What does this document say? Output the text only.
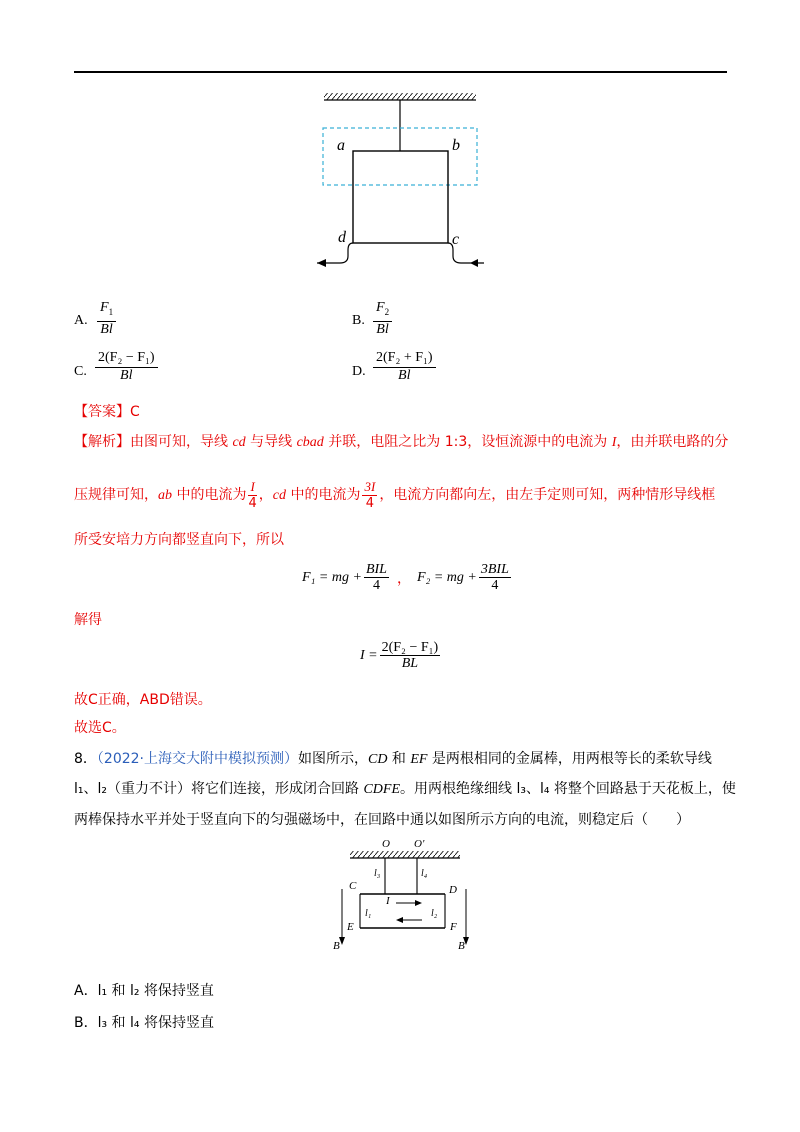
a	b
d	c
A. $\frac{F_1}{Bl}$	B. $\frac{F_2}{Bl}$
C. $\frac{\text{2(F₂ − F₁)}}{Bl}$	D. $\frac{\text{2(F₂ + F₁)}}{Bl}$
【答案】C
【解析】由图可知，导线 cd 与导线 cbad 并联，电阻之比为 1:3，设恒流源中的电流为 I，由并联电路的分
压规律可知，ab 中的电流为 $\frac{I}{4}$ ，cd 中的电流为 $\frac{3I}{4}$ ，电流方向都向左，由左手定则可知，两种情形导线框
所受安培力方向都竖直向下，所以
F₁ = mg + $\frac{\text{BIL}}{4}$ ， F₂ = mg + $\frac{\text{3BIL}}{4}$
解得
$I = \frac{\text{2(F₂ − F₁)}}{BL}$
故C正确，ABD错误。
故选C。
8．（2022·上海交大附中模拟预测）如图所示，CD 和 EF 是两根相同的金属棒，用两根等长的柔软导线
l₁、l₂（重力不计）将它们连接，形成闭合回路 CDFE。用两根绝缘细线 l₃、l₄ 将整个回路悬于天花板上，使
两棒保持水平并处于竖直向下的匀强磁场中，在回路中通以如图所示方向的电流，则稳定后（　　）
O O'
l₃	l₄
C	D
l₁	l₂
I
E	F
B	B
A．l₁ 和 l₂ 将保持竖直
B．l₃ 和 l₄ 将保持竖直
